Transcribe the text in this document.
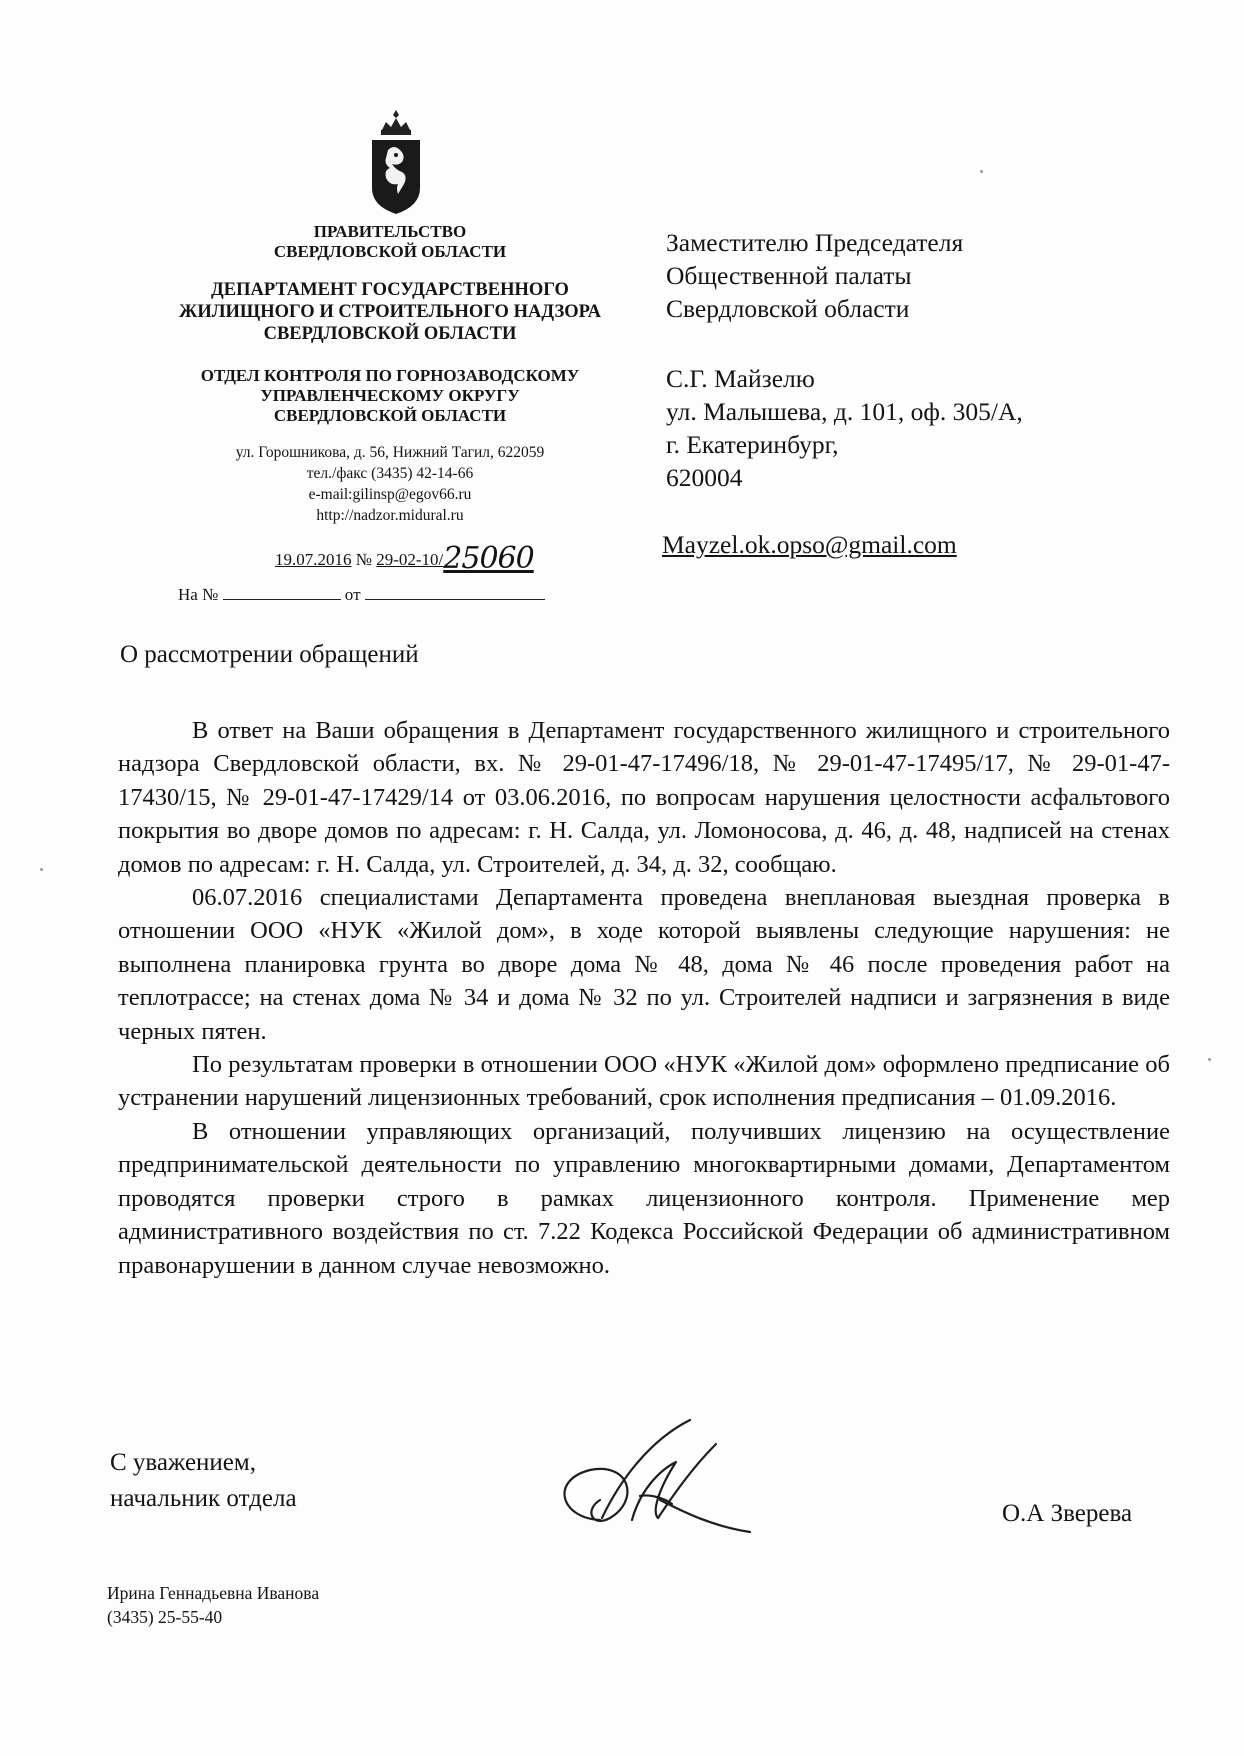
ПРАВИТЕЛЬСТВО
СВЕРДЛОВСКОЙ ОБЛАСТИ
ДЕПАРТАМЕНТ ГОСУДАРСТВЕННОГО
ЖИЛИЩНОГО И СТРОИТЕЛЬНОГО НАДЗОРА
СВЕРДЛОВСКОЙ ОБЛАСТИ
ОТДЕЛ КОНТРОЛЯ ПО ГОРНОЗАВОДСКОМУ
УПРАВЛЕНЧЕСКОМУ ОКРУГУ
СВЕРДЛОВСКОЙ ОБЛАСТИ
ул. Горошникова, д. 56, Нижний Тагил, 622059
тел./факс (3435) 42-14-66
e-mail:gilinsp@egov66.ru
http://nadzor.midural.ru
19.07.2016 № 29-02-10/25060
На №	от
Заместителю Председателя
Общественной палаты
Свердловской области
С.Г. Майзелю
ул. Малышева, д. 101, оф. 305/А,
г. Екатеринбург,
620004
Mayzel.ok.opso@gmail.com
О рассмотрении обращений

В ответ на Ваши обращения в Департамент государственного жилищного и строительного надзора Свердловской области, вх. № 29-01-47-17496/18, № 29-01-47-17495/17, № 29-01-47-17430/15, № 29-01-47-17429/14 от 03.06.2016, по вопросам нарушения целостности асфальтового покрытия во дворе домов по адресам: г. Н. Салда, ул. Ломоносова, д. 46, д. 48, надписей на стенах домов по адресам: г. Н. Салда, ул. Строителей, д. 34, д. 32, сообщаю.

06.07.2016 специалистами Департамента проведена внеплановая выездная проверка в отношении ООО «НУК «Жилой дом», в ходе которой выявлены следующие нарушения: не выполнена планировка грунта во дворе дома № 48, дома № 46 после проведения работ на теплотрассе; на стенах дома № 34 и дома № 32 по ул. Строителей надписи и загрязнения в виде черных пятен.

По результатам проверки в отношении ООО «НУК «Жилой дом» оформлено предписание об устранении нарушений лицензионных требований, срок исполнения предписания – 01.09.2016.

В отношении управляющих организаций, получивших лицензию на осуществление предпринимательской деятельности по управлению многоквартирными домами, Департаментом проводятся проверки строго в рамках лицензионного контроля. Применение мер административного воздействия по ст. 7.22 Кодекса Российской Федерации об административном правонарушении в данном случае невозможно.

С уважением,
начальник отдела
О.А Зверева
Ирина Геннадьевна Иванова
(3435) 25-55-40
